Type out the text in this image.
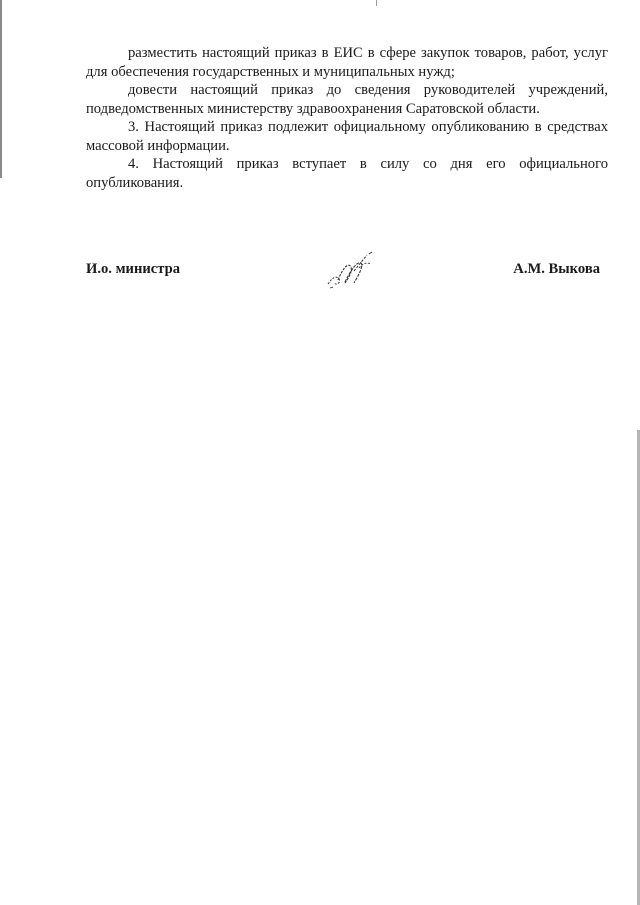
разместить настоящий приказ в ЕИС в сфере закупок товаров, работ, услуг для обеспечения государственных и муниципальных нужд;

довести настоящий приказ до сведения руководителей учреждений, подведомственных министерству здравоохранения Саратовской области.

3. Настоящий приказ подлежит официальному опубликованию в средствах массовой информации.

4. Настоящий приказ вступает в силу со дня его официального опубликования.

И.о. министра	А.М. Выкова
